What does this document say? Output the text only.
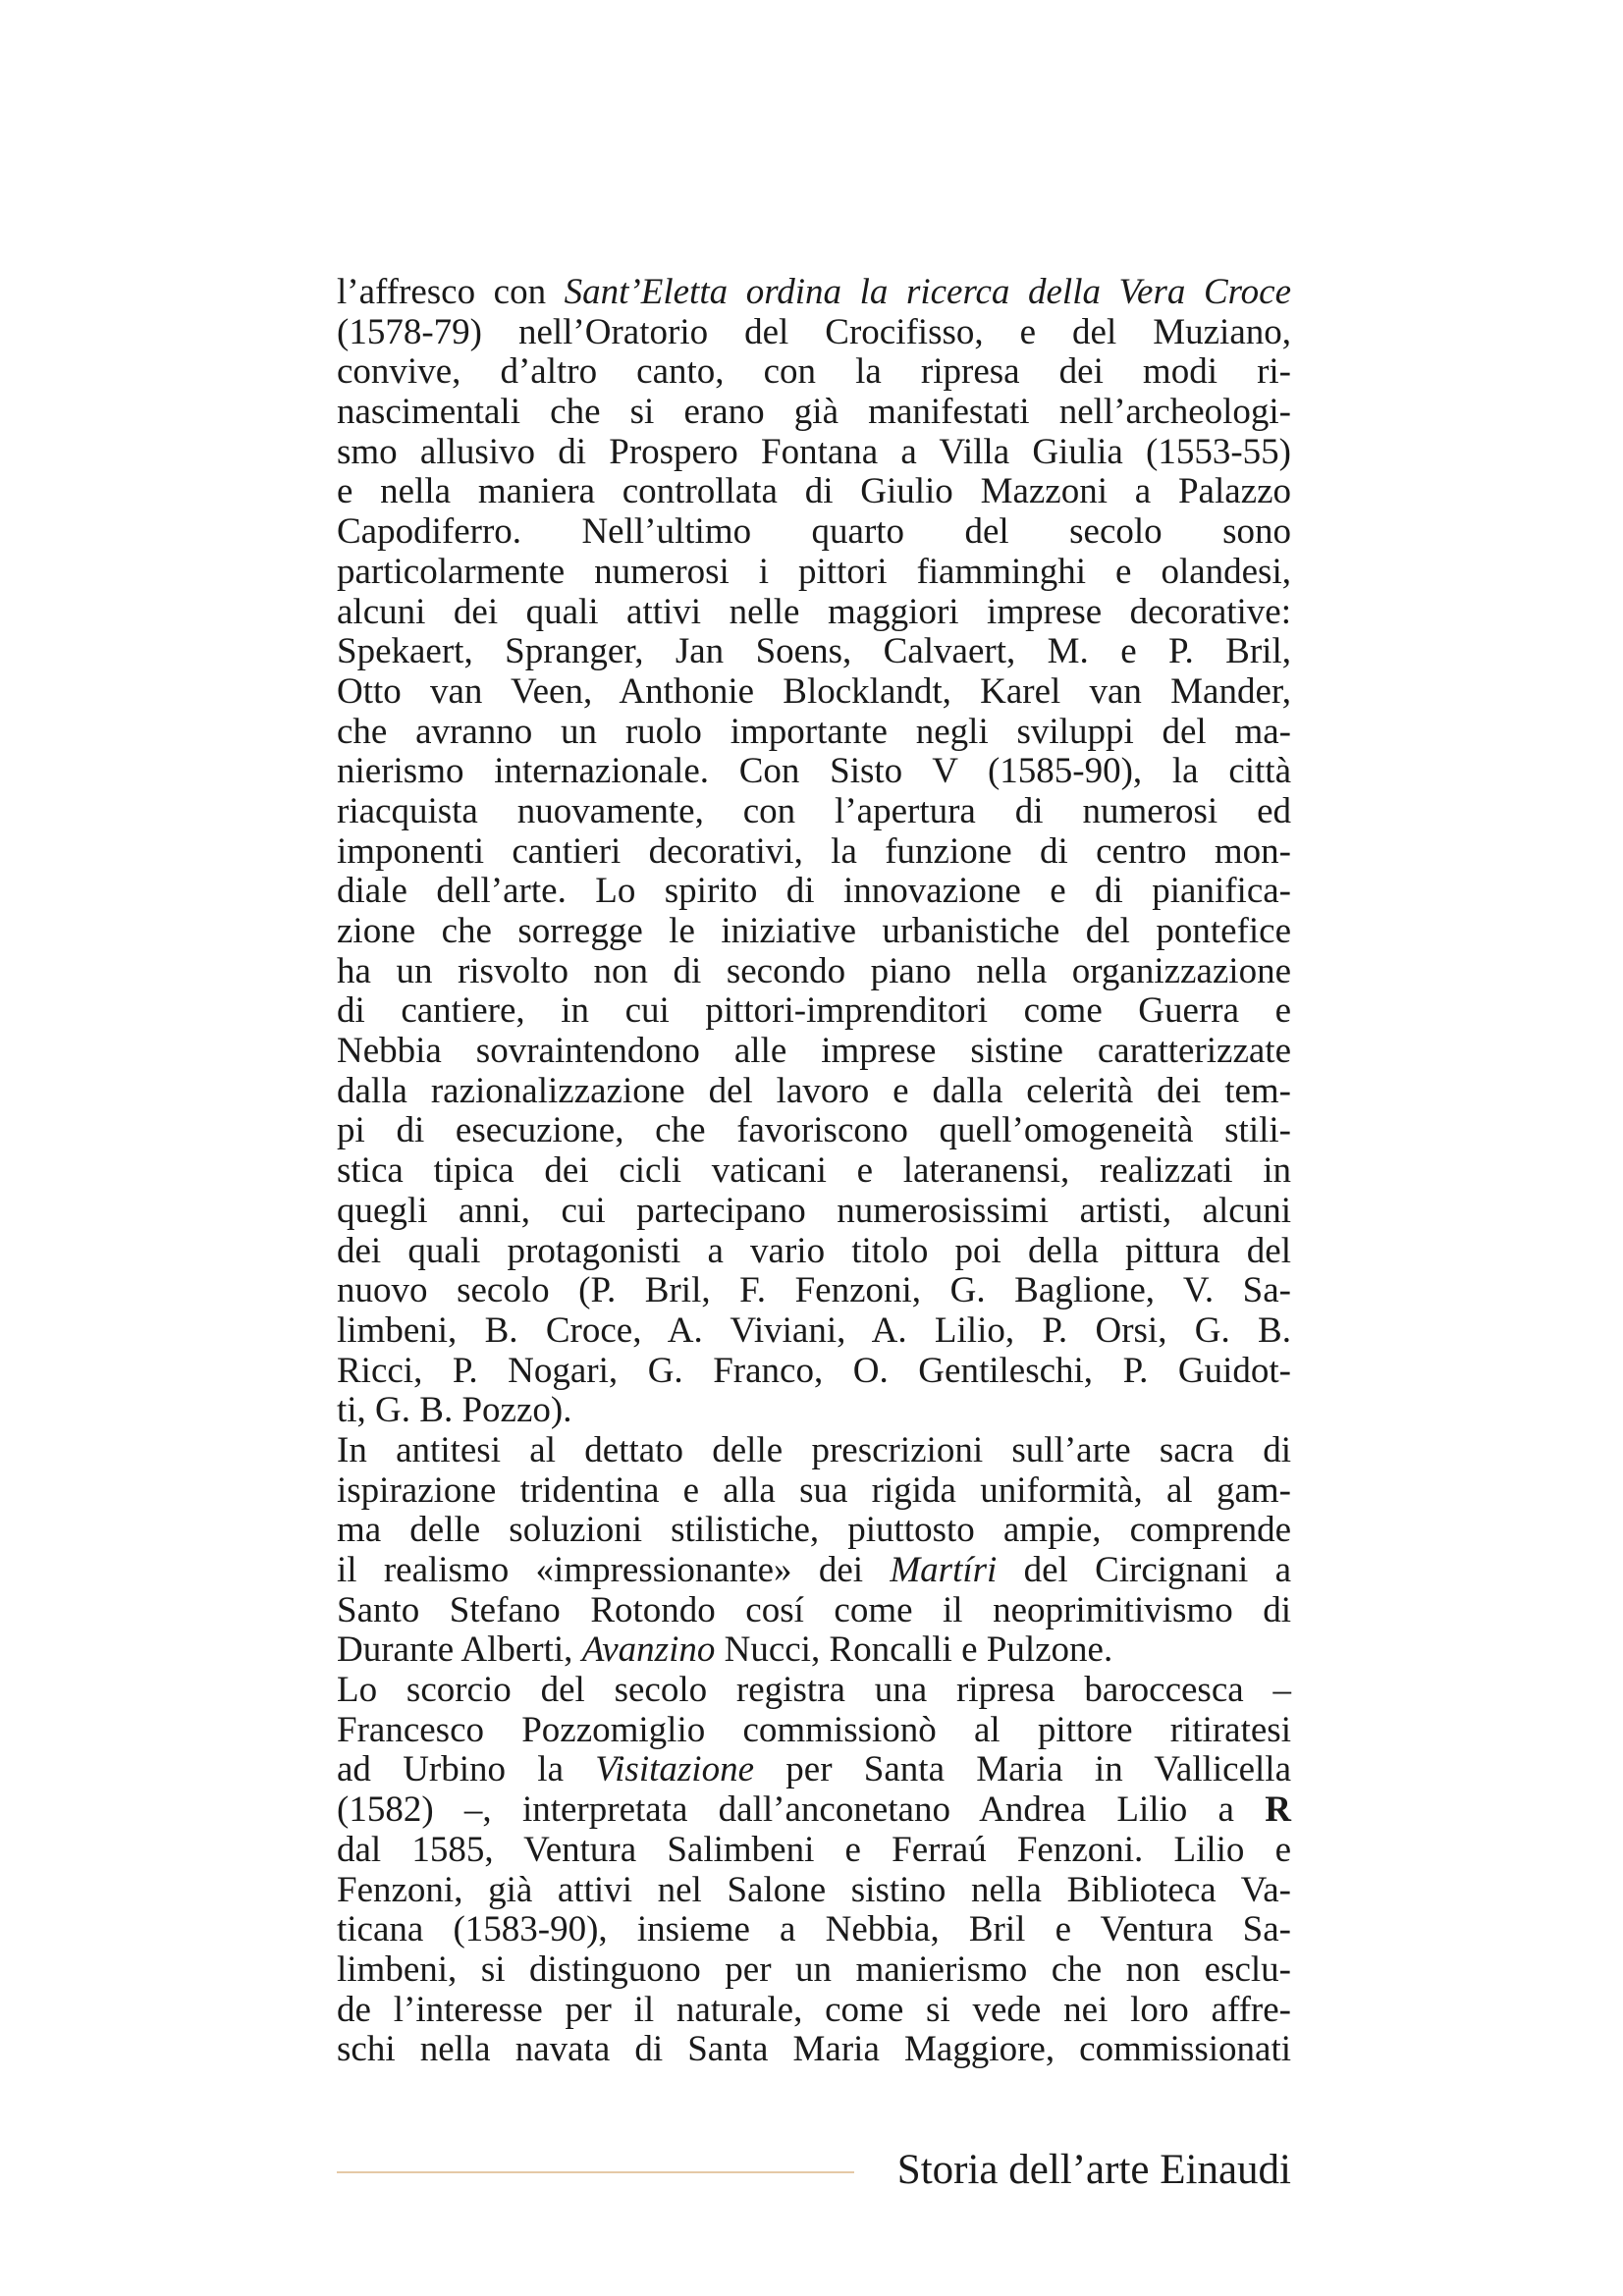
l’affresco con Sant’Eletta ordina la ricerca della Vera Croce
(1578-79) nell’Oratorio del Crocifisso, e del Muziano,
convive, d’altro canto, con la ripresa dei modi ri-
nascimentali che si erano già manifestati nell’archeologi-
smo allusivo di Prospero Fontana a Villa Giulia (1553-55)
e nella maniera controllata di Giulio Mazzoni a Palazzo
Capodiferro. Nell’ultimo quarto del secolo sono
particolarmente numerosi i pittori fiamminghi e olandesi,
alcuni dei quali attivi nelle maggiori imprese decorative:
Spekaert, Spranger, Jan Soens, Calvaert, M. e P. Bril,
Otto van Veen, Anthonie Blocklandt, Karel van Mander,
che avranno un ruolo importante negli sviluppi del ma-
nierismo internazionale. Con Sisto V (1585-90), la città
riacquista nuovamente, con l’apertura di numerosi ed
imponenti cantieri decorativi, la funzione di centro mon-
diale dell’arte. Lo spirito di innovazione e di pianifica-
zione che sorregge le iniziative urbanistiche del pontefice
ha un risvolto non di secondo piano nella organizzazione
di cantiere, in cui pittori-imprenditori come Guerra e
Nebbia sovraintendono alle imprese sistine caratterizzate
dalla razionalizzazione del lavoro e dalla celerità dei tem-
pi di esecuzione, che favoriscono quell’omogeneità stili-
stica tipica dei cicli vaticani e lateranensi, realizzati in
quegli anni, cui partecipano numerosissimi artisti, alcuni
dei quali protagonisti a vario titolo poi della pittura del
nuovo secolo (P. Bril, F. Fenzoni, G. Baglione, V. Sa-
limbeni, B. Croce, A. Viviani, A. Lilio, P. Orsi, G. B.
Ricci, P. Nogari, G. Franco, O. Gentileschi, P. Guidot-
ti, G. B. Pozzo).
In antitesi al dettato delle prescrizioni sull’arte sacra di
ispirazione tridentina e alla sua rigida uniformità, al gam-
ma delle soluzioni stilistiche, piuttosto ampie, comprende
il realismo «impressionante» dei Martíri del Circignani a
Santo Stefano Rotondo cosí come il neoprimitivismo di
Durante Alberti, Avanzino Nucci, Roncalli e Pulzone.
Lo scorcio del secolo registra una ripresa baroccesca –
Francesco Pozzomiglio commissionò al pittore ritiratesi
ad Urbino la Visitazione per Santa Maria in Vallicella
(1582) –, interpretata dall’anconetano Andrea Lilio a R
dal 1585, Ventura Salimbeni e Ferraú Fenzoni. Lilio e
Fenzoni, già attivi nel Salone sistino nella Biblioteca Va-
ticana (1583-90), insieme a Nebbia, Bril e Ventura Sa-
limbeni, si distinguono per un manierismo che non esclu-
de l’interesse per il naturale, come si vede nei loro affre-
schi nella navata di Santa Maria Maggiore, commissionati
Storia dell’arte Einaudi
